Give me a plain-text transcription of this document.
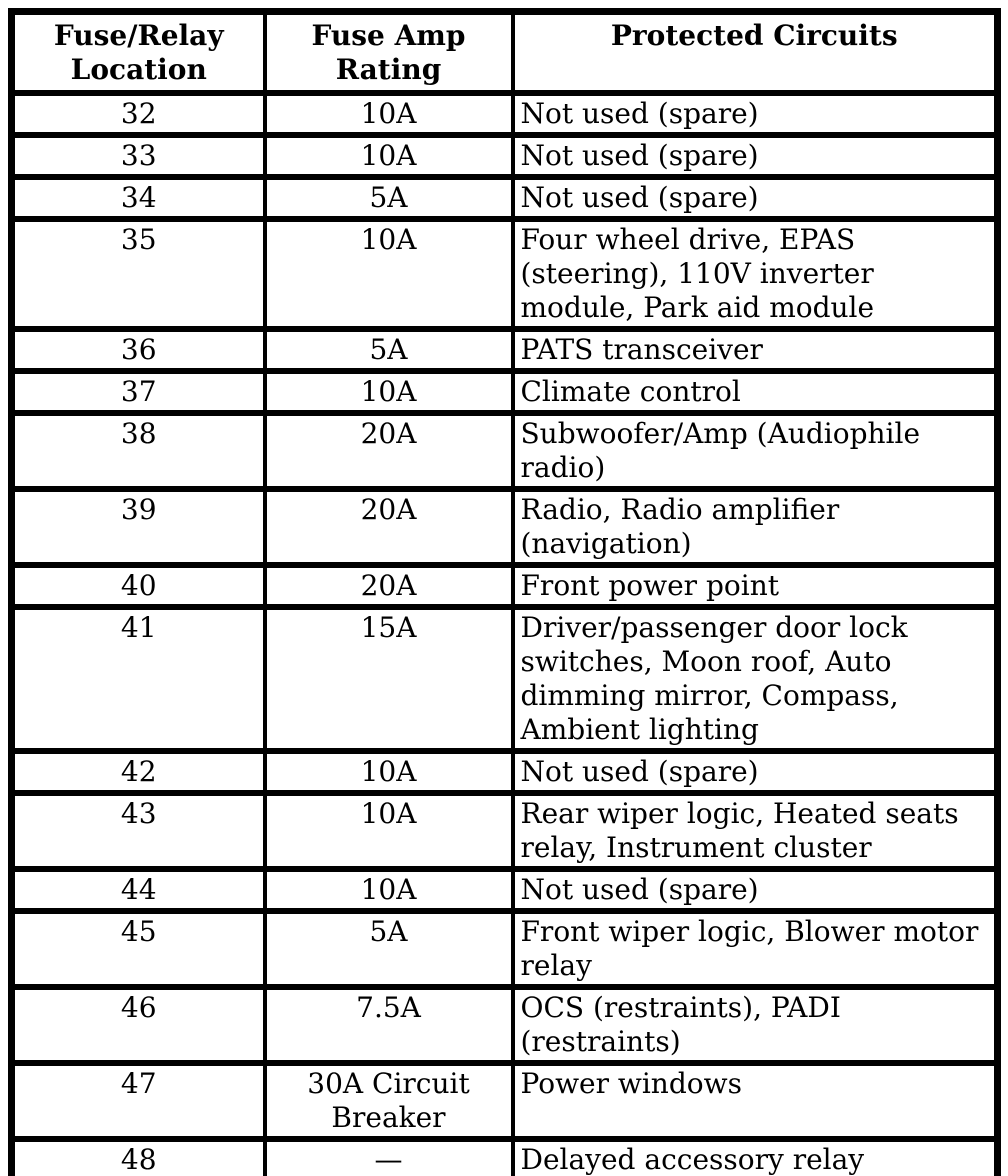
Fuse/Relay Location	Fuse Amp Rating	Protected Circuits
32	10A	Not used (spare)
33	10A	Not used (spare)
34	5A	Not used (spare)
35	10A	Four wheel drive, EPAS (steering), 110V inverter module, Park aid module
36	5A	PATS transceiver
37	10A	Climate control
38	20A	Subwoofer/Amp (Audiophile radio)
39	20A	Radio, Radio amplifier (navigation)
40	20A	Front power point
41	15A	Driver/passenger door lock switches, Moon roof, Auto dimming mirror, Compass, Ambient lighting
42	10A	Not used (spare)
43	10A	Rear wiper logic, Heated seats relay, Instrument cluster
44	10A	Not used (spare)
45	5A	Front wiper logic, Blower motor relay
46	7.5A	OCS (restraints), PADI (restraints)
47	30A Circuit Breaker	Power windows
48	—	Delayed accessory relay
